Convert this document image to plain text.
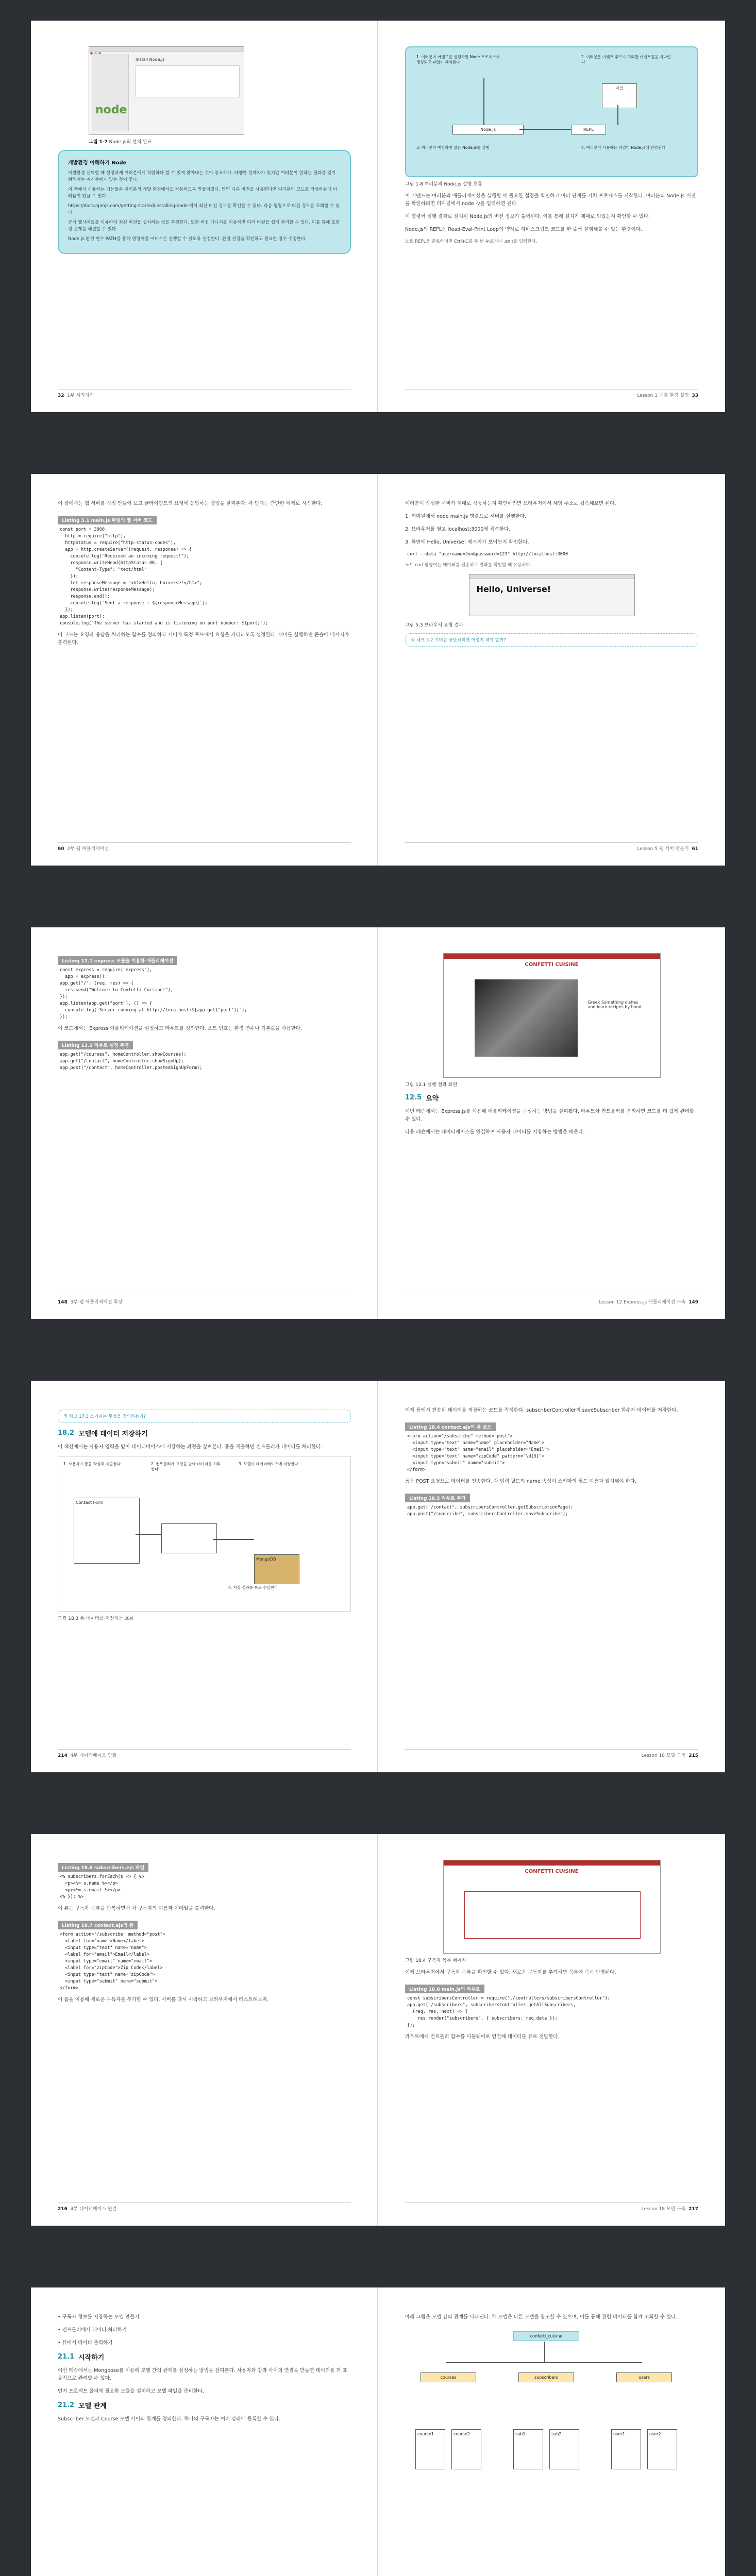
Install Node.js
node
그림 1-7 Node.js의 설치 완료
개발환경 이해하기 Node

개발환경 선택할 때 설정하게 여러분에게 적합하다 할 수 있게 찾아내는 것이 중요하다. 다양한 선택지가 있지만 여러분이 원하는 결과를 얻기 위해서는 여러분에게 맞는 것이 좋다.

이 책에서 사용하는 기능들은 여러분의 개발 환경에서도 작동하도록 만들어졌다. 만약 다른 버전을 사용한다면 여러분의 코드를 작성하는데 어려움이 있을 수 있다.

https://docs.npmjs.com/getting-started/installing-node 에서 최신 버전 정보를 확인할 수 있다. 다음 명령으로 버전 정보를 조회할 수 있다.

공식 웹사이트를 이용하여 최신 버전을 설치하는 것을 추천한다. 또한 버전 매니저를 이용하면 여러 버전을 쉽게 관리할 수 있다. 이를 통해 호환성 문제를 해결할 수 있다.

Node.js 환경 변수 PATH를 통해 명령어를 어디서든 실행할 수 있도록 설정한다. 환경 설정을 확인하고 필요한 경우 수정한다.

32 1부 시작하기
1. 여러분이 커맨드를 실행하면 Node 프로세스가 생성되고 파일이 해석된다
2. 여러분은 이벤트 루프가 처리할 이벤트들을 기다린다
Node.js	REPL
파일
3. 여러분이 예상하지 않은 Node.js를 실행	4. 여러분이 사용하는 파일이 Node.js에 반영된다
그림 1-8 여러분의 Node.js 실행 흐름

이 커맨드는 여러분의 애플리케이션을 실행할 때 필요한 설정을 확인하고 여러 단계를 거쳐 프로세스를 시작한다. 여러분의 Node.js 버전을 확인하려면 터미널에서 node -v를 입력하면 된다.

이 명령어 실행 결과로 설치된 Node.js의 버전 정보가 출력된다. 이를 통해 설치가 제대로 되었는지 확인할 수 있다.

Node.js의 REPL은 Read-Eval-Print Loop의 약자로 자바스크립트 코드를 한 줄씩 실행해볼 수 있는 환경이다.

노트 REPL을 종료하려면 Ctrl+C를 두 번 누르거나 .exit를 입력한다.
Lesson 1 개발 환경 설정 33

이 장에서는 웹 서버를 직접 만들어 보고 클라이언트의 요청에 응답하는 방법을 살펴본다. 각 단계는 간단한 예제로 시작한다.

Listing 5.1 main.js 파일의 웹 서버 코드
const port = 3000,
http = require("http"),
httpStatus = require("http-status-codes"),
app = http.createServer((request, response) => {
console.log("Received an incoming request!");
response.writeHead(httpStatus.OK, {
"Content-Type": "text/html"
});
let responseMessage = "<h1>Hello, Universe!</h1>";
response.write(responseMessage);
response.end();
console.log(`Sent a response : ${responseMessage}`);
});
app.listen(port);
console.log(`The server has started and is listening on port number: ${port}`);

이 코드는 요청과 응답을 처리하는 함수를 정의하고 서버가 특정 포트에서 요청을 기다리도록 설정한다. 서버를 실행하면 콘솔에 메시지가 출력된다.

60 2부 웹 애플리케이션

여러분이 작성한 서버가 제대로 작동하는지 확인하려면 브라우저에서 해당 주소로 접속해보면 된다.

1. 터미널에서 node main.js 명령으로 서버를 실행한다.

2. 브라우저를 열고 localhost:3000에 접속한다.

3. 화면에 Hello, Universe! 메시지가 보이는지 확인한다.

curl --data "username=Jon&password=123" http://localhost:3000
노트 curl 명령어는 데이터를 전송하고 결과를 확인할 때 유용하다.
Hello, Universe!
그림 5.3 브라우저 요청 결과
퀵 체크 5.2 서버를 중단하려면 어떻게 해야 할까?
Lesson 5 웹 서버 만들기 61
Listing 12.1 express 모듈을 이용한 애플리케이션
const express = require("express"),
app = express();
app.get("/", (req, res) => {
res.send("Welcome to Confetti Cuisine!");
});
app.listen(app.get("port"), () => {
console.log(`Server running at http://localhost:${app.get("port")}`);
});

이 코드에서는 Express 애플리케이션을 설정하고 라우트를 정의한다. 포트 번호는 환경 변수나 기본값을 사용한다.

Listing 12.2 라우트 설정 추가
app.get("/courses", homeController.showCourses);
app.get("/contact", homeController.showSignUp);
app.post("/contact", homeController.postedSignUpForm);
148 3부 웹 애플리케이션 확장
CONFETTI CUISINE
Greek Something dishes and learn recipes by hand.
그림 12.1 실행 결과 화면
12.5 요약

이번 레슨에서는 Express.js를 이용해 애플리케이션을 구성하는 방법을 살펴봤다. 라우트와 컨트롤러를 분리하면 코드를 더 쉽게 관리할 수 있다.

다음 레슨에서는 데이터베이스를 연결하여 사용자 데이터를 저장하는 방법을 배운다.

Lesson 12 Express.js 애플리케이션 구축 149
퀵 체크 17.3 스키마는 무엇을 정의하는가?
18.2 모델에 데이터 저장하기

이 섹션에서는 사용자 입력을 받아 데이터베이스에 저장하는 과정을 살펴본다. 폼을 제출하면 컨트롤러가 데이터를 처리한다.

1. 사용자가 폼을 작성해 제출한다	2. 컨트롤러가 요청을 받아 데이터를 처리한다
3. 모델이 데이터베이스에 저장한다
Contact Form
MongoDB
4. 저장 결과를 뷰로 전달한다
그림 18.3 폼 데이터를 저장하는 흐름
214 4부 데이터베이스 연결

이제 폼에서 전송된 데이터를 저장하는 코드를 작성한다. subscriberController의 saveSubscriber 함수가 데이터를 저장한다.

Listing 18.4 contact.ejs의 폼 코드
<form action="/subscribe" method="post">
<input type="text" name="name" placeholder="Name">
<input type="text" name="email" placeholder="Email">
<input type="text" name="zipCode" pattern="\d{5}">
<input type="submit" name="submit">
</form>

폼은 POST 요청으로 데이터를 전송한다. 각 입력 필드의 name 속성이 스키마의 필드 이름과 일치해야 한다.

Listing 18.5 라우트 추가
app.get("/contact", subscribersController.getSubscriptionPage);
app.post("/subscribe", subscribersController.saveSubscriber);
Lesson 18 모델 구축 215
Listing 18.6 subscribers.ejs 파일
<% subscribers.forEach(s => { %>
<p><%= s.name %></p>
<p><%= s.email %></p>
<% }); %>

이 뷰는 구독자 목록을 반복하면서 각 구독자의 이름과 이메일을 출력한다.

Listing 18.7 contact.ejs의 폼
<form action="/subscribe" method="post">
<label for="name">Name</label>
<input type="text" name="name">
<label for="email">Email</label>
<input type="email" name="email">
<label for="zipCode">Zip Code</label>
<input type="text" name="zipCode">
<input type="submit" name="submit">
</form>

이 폼을 이용해 새로운 구독자를 추가할 수 있다. 서버를 다시 시작하고 브라우저에서 테스트해보자.

216 4부 데이터베이스 연결
CONFETTI CUISINE
그림 18.4 구독자 목록 페이지

이제 브라우저에서 구독자 목록을 확인할 수 있다. 새로운 구독자를 추가하면 목록에 즉시 반영된다.

Listing 18.8 main.js의 라우트
const subscribersController = require("./controllers/subscribersController");
app.get("/subscribers", subscribersController.getAllSubscribers,
(req, res, next) => {
res.render("subscribers", { subscribers: req.data });
});

라우트에서 컨트롤러 함수를 미들웨어로 연결해 데이터를 뷰로 전달한다.

Lesson 18 모델 구축 217

• 구독자 정보를 저장하는 모델 만들기

• 컨트롤러에서 데이터 처리하기

• 뷰에서 데이터 출력하기

21.1 시작하기

이번 레슨에서는 Mongoose를 이용해 모델 간의 관계를 설정하는 방법을 살펴본다. 사용자와 강좌 사이의 연결을 만들면 데이터를 더 효율적으로 관리할 수 있다.

먼저 프로젝트 폴더에 필요한 모듈을 설치하고 모델 파일을 준비한다.

21.2 모델 관계

Subscriber 모델과 Course 모델 사이의 관계를 정의한다. 하나의 구독자는 여러 강좌에 등록할 수 있다.

아래 그림은 모델 간의 관계를 나타낸다. 각 모델은 다른 모델을 참조할 수 있으며, 이를 통해 관련 데이터를 함께 조회할 수 있다.

confetti_cuisine
courses	subscribers	users
course1	course2	sub1	sub2	user1	user2
